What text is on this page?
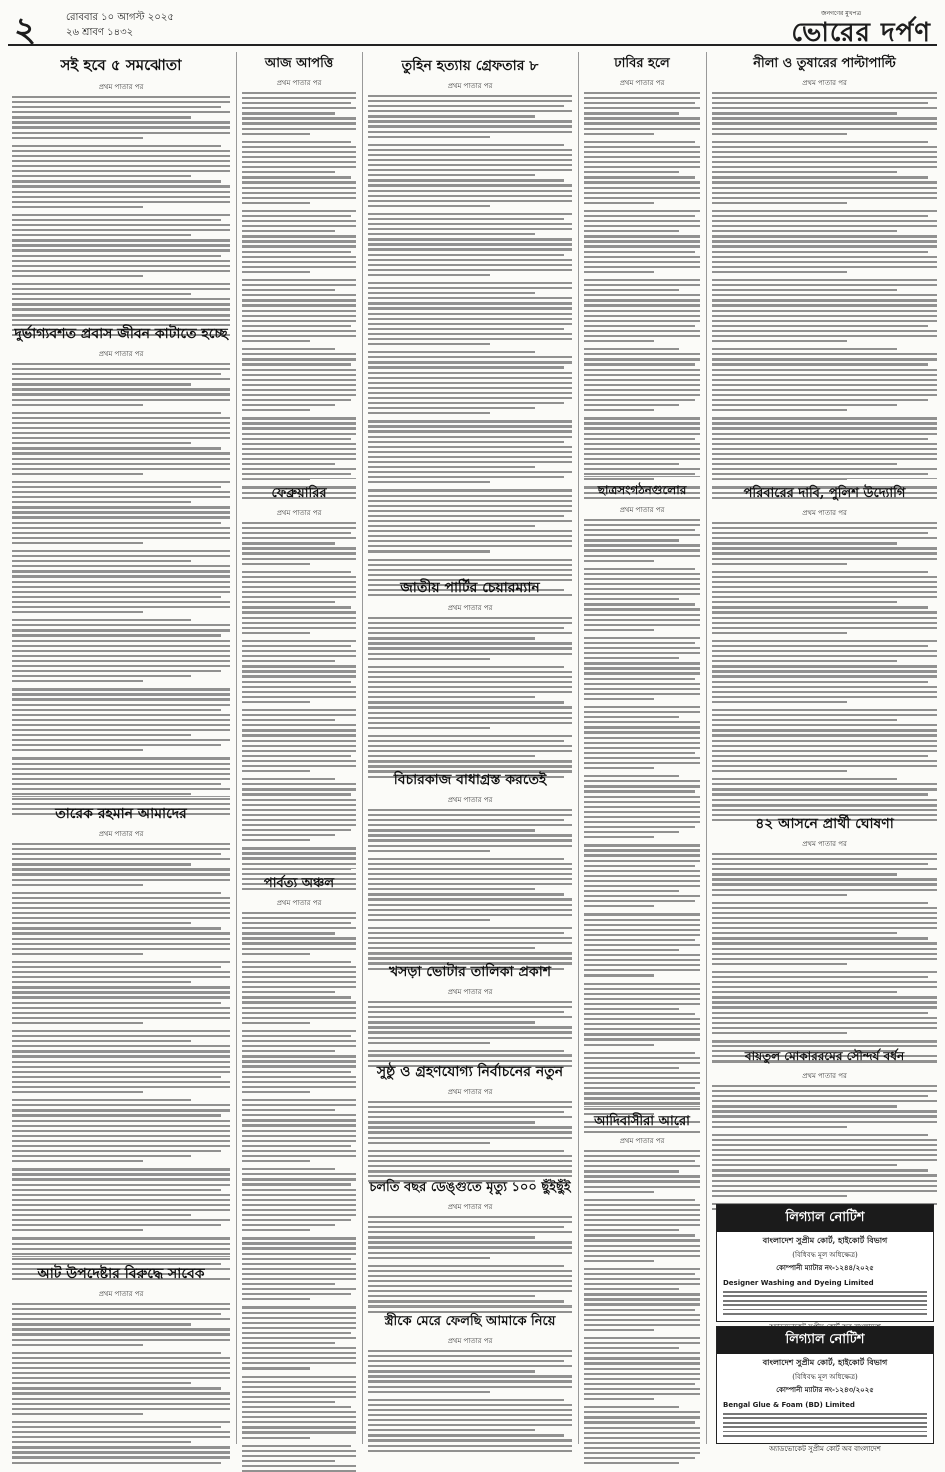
২	রোববার ১০ আগস্ট ২০২৫
২৬ শ্রাবণ ১৪৩২
জনগণের মুখপত্র
ভোরের দর্পণ
সই হবে ৫ সমঝোতা
প্রথম পাতার পর
দুর্ভাগ্যবশত প্রবাস জীবন কাটাতে হচ্ছে
প্রথম পাতার পর
তারেক রহমান আমাদের
প্রথম পাতার পর
আট উপদেষ্টার বিরুদ্ধে সাবেক
প্রথম পাতার পর
আজ আপত্তি
প্রথম পাতার পর
ফেব্রুয়ারির
প্রথম পাতার পর
পার্বত্য অঞ্চল
প্রথম পাতার পর
তুহিন হত্যায় গ্রেফতার ৮
প্রথম পাতার পর
জাতীয় পার্টির চেয়ারম্যান
প্রথম পাতার পর
বিচারকাজ বাধাগ্রস্ত করতেই
প্রথম পাতার পর
খসড়া ভোটার তালিকা প্রকাশ
প্রথম পাতার পর
সুষ্ঠু ও গ্রহণযোগ্য নির্বাচনের নতুন
প্রথম পাতার পর
চলতি বছর ডেঙ্গুতে মৃত্যু ১০০ ছুঁইছুঁই
প্রথম পাতার পর
স্ত্রীকে মেরে ফেলছি আমাকে নিয়ে
প্রথম পাতার পর
ঢাবির হলে
প্রথম পাতার পর
ছাত্রসংগঠনগুলোর
প্রথম পাতার পর
আদিবাসীরা আরো
প্রথম পাতার পর
নীলা ও তুষারের পাল্টাপাল্টি
প্রথম পাতার পর
পরিবারের দাবি, পুলিশ উদ্যোগি
প্রথম পাতার পর
৪২ আসনে প্রার্থী ঘোষণা
প্রথম পাতার পর
বায়তুল মোকাররমের সৌন্দর্য বর্ধন
প্রথম পাতার পর
লিগ্যাল নোটিশ
বাংলাদেশ সুপ্রীম কোর্ট, হাইকোর্ট বিভাগ
(বিধিবদ্ধ মূল অধিক্ষেত্র)
কোম্পানী ম্যাটার নং-১২৪৪/২০২৫
Designer Washing and Dyeing Limited
লিগ্যাল নোটিশ
বাংলাদেশ সুপ্রীম কোর্ট, হাইকোর্ট বিভাগ
(বিধিবদ্ধ মূল অধিক্ষেত্র)
কোম্পানী ম্যাটার নং-১২৪৩/২০২৫
Bengal Glue & Foam (BD) Limited
অ্যাডভোকেট সুপ্রীম কোর্ট অব বাংলাদেশ
